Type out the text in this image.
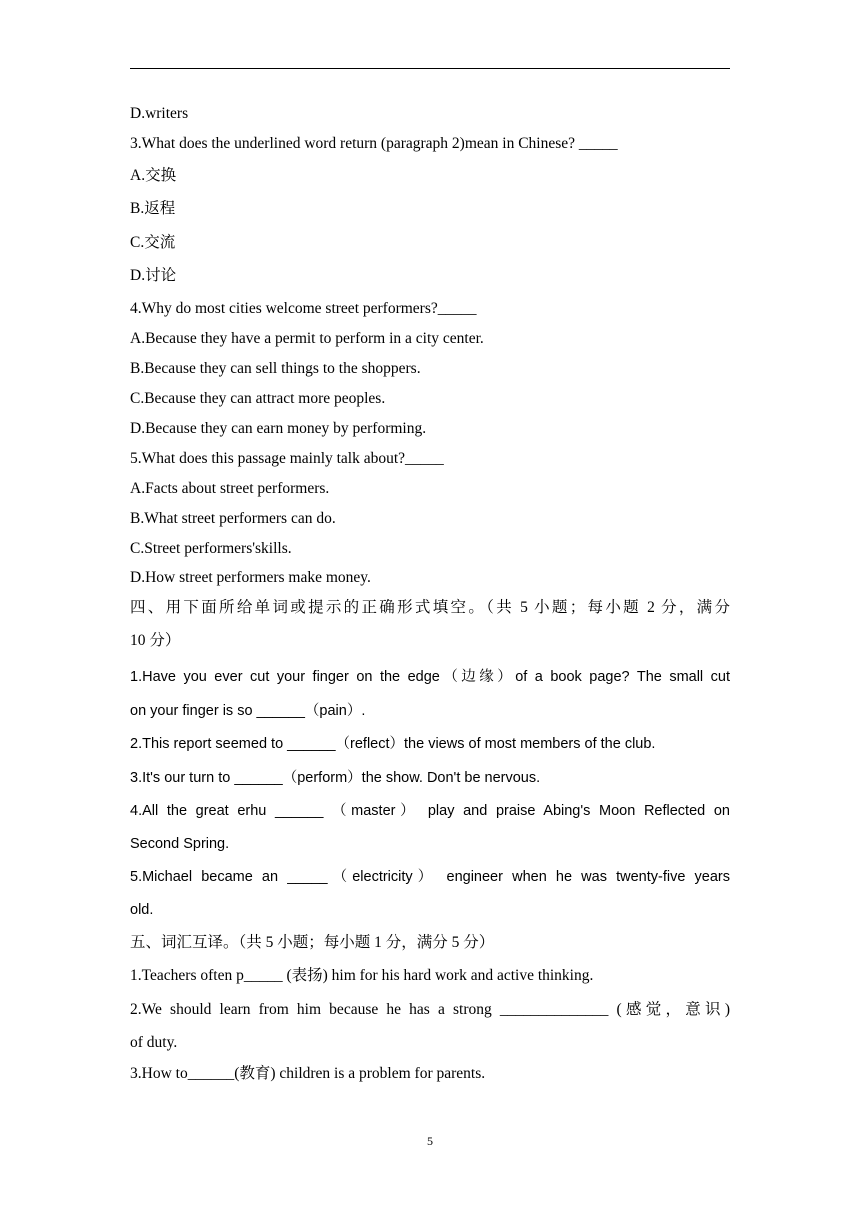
D.writers
3.What does the underlined word return (paragraph 2)mean in Chinese? _____
A.交换
B.返程
C.交流
D.讨论
4.Why do most cities welcome street performers?_____
A.Because they have a permit to perform in a city center.
B.Because they can sell things to the shoppers.
C.Because they can attract more peoples.
D.Because they can earn money by performing.
5.What does this passage mainly talk about?_____
A.Facts about street performers.
B.What street performers can do.
C.Street performers'skills.
D.How street performers make money.
四、用下面所给单词或提示的正确形式填空。（共 5 小题；每小题 2 分，满分
10 分）
1.Have you ever cut your finger on the edge（边缘）of a book page? The small cut
on your finger is so ______（pain）.
2.This report seemed to ______（reflect）the views of most members of the club.
3.It's our turn to ______（perform）the show. Don't be nervous.
4.All the great erhu ______ （master） play and praise Abing's Moon Reflected on
Second Spring.
5.Michael became an _____（electricity） engineer when he was twenty-five years
old.
五、词汇互译。（共 5 小题；每小题 1 分，满分 5 分）
1.Teachers often p_____ (表扬) him for his hard work and active thinking.
2.We should learn from him because he has a strong ______________ (感觉，意识)
of duty.
3.How to______(教育) children is a problem for parents.
5
